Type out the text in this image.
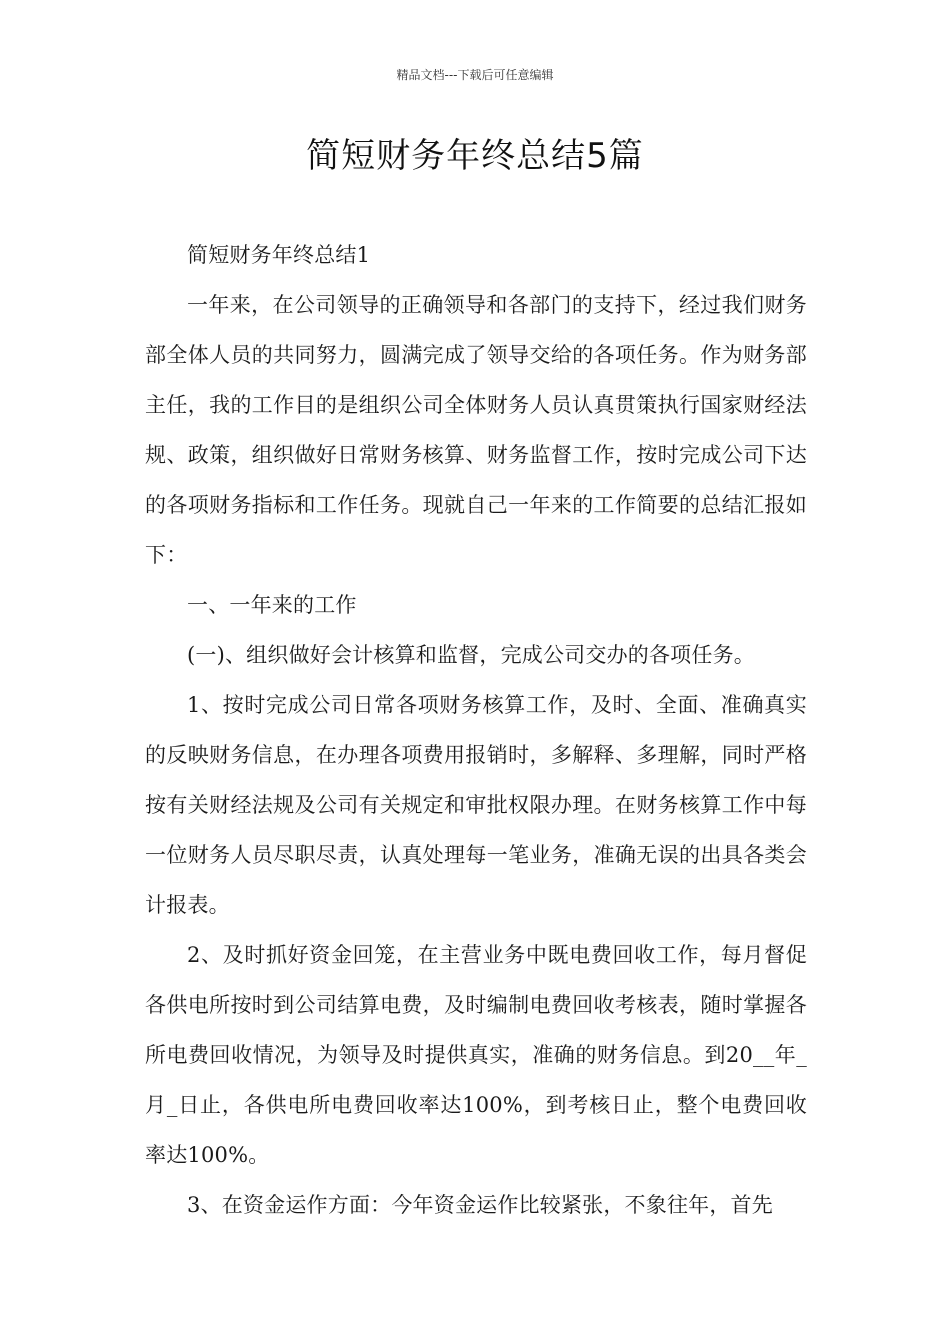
精品文档---下载后可任意编辑
简短财务年终总结5篇

简短财务年终总结1

一年来，在公司领导的正确领导和各部门的支持下，经过我们财务部全体人员的共同努力，圆满完成了领导交给的各项任务。作为财务部主任，我的工作目的是组织公司全体财务人员认真贯策执行国家财经法规、政策，组织做好日常财务核算、财务监督工作，按时完成公司下达的各项财务指标和工作任务。现就自己一年来的工作简要的总结汇报如下：

一、一年来的工作

(一)、组织做好会计核算和监督，完成公司交办的各项任务。

1、按时完成公司日常各项财务核算工作，及时、全面、准确真实的反映财务信息，在办理各项费用报销时，多解释、多理解，同时严格按有关财经法规及公司有关规定和审批权限办理。在财务核算工作中每一位财务人员尽职尽责，认真处理每一笔业务，准确无误的出具各类会计报表。

2、及时抓好资金回笼，在主营业务中既电费回收工作，每月督促各供电所按时到公司结算电费，及时编制电费回收考核表，随时掌握各所电费回收情况，为领导及时提供真实，准确的财务信息。到20__年_月_日止，各供电所电费回收率达100%，到考核日止，整个电费回收率达100%。

3、在资金运作方面：今年资金运作比较紧张，不象往年，首先
